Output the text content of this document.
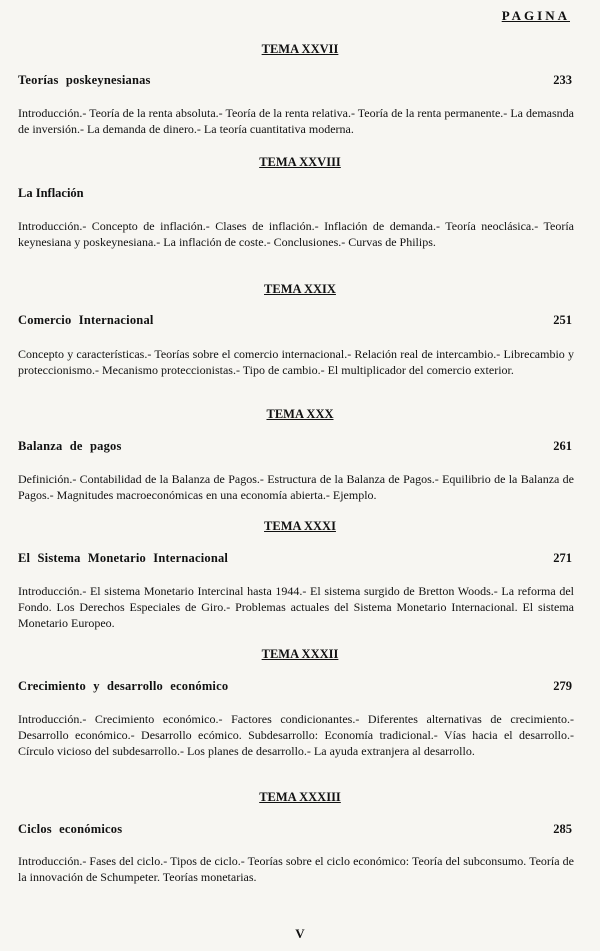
PAGINA
TEMA XXVII
Teorías poskeynesianas	233
Introducción.- Teoría de la renta absoluta.- Teoría de la renta relativa.- Teoría de la renta permanente.- La demasnda de inversión.- La demanda de dinero.- La teoría cuantitativa moderna.
TEMA XXVIII
La Inflación
Introducción.- Concepto de inflación.- Clases de inflación.- Inflación de demanda.- Teoría neoclásica.- Teoría keynesiana y poskeynesiana.- La inflación de coste.- Conclusiones.- Curvas de Philips.
TEMA XXIX
Comercio Internacional	251
Concepto y características.- Teorías sobre el comercio internacional.- Relación real de intercambio.- Librecambio y proteccionismo.- Mecanismo proteccionistas.- Tipo de cambio.- El multiplicador del comercio exterior.
TEMA XXX
Balanza de pagos	261
Definición.- Contabilidad de la Balanza de Pagos.- Estructura de la Balanza de Pagos.- Equilibrio de la Balanza de Pagos.- Magnitudes macroeconómicas en una economía abierta.- Ejemplo.
TEMA XXXI
El Sistema Monetario Internacional	271
Introducción.- El sistema Monetario Intercinal hasta 1944.- El sistema surgido de Bretton Woods.- La reforma del Fondo. Los Derechos Especiales de Giro.- Problemas actuales del Sistema Monetario Internacional. El sistema Monetario Europeo.
TEMA XXXII
Crecimiento y desarrollo económico	279
Introducción.- Crecimiento económico.- Factores condicionantes.- Diferentes alternativas de crecimiento.- Desarrollo económico.- Desarrollo ecómico. Subdesarrollo: Economía tradicional.- Vías hacia el desarrollo.- Círculo vicioso del subdesarrollo.- Los planes de desarrollo.- La ayuda extranjera al desarrollo.
TEMA XXXIII
Ciclos económicos	285
Introducción.- Fases del ciclo.- Tipos de ciclo.- Teorías sobre el ciclo económico: Teoría del subconsumo. Teoría de la innovación de Schumpeter. Teorías monetarias.
V
